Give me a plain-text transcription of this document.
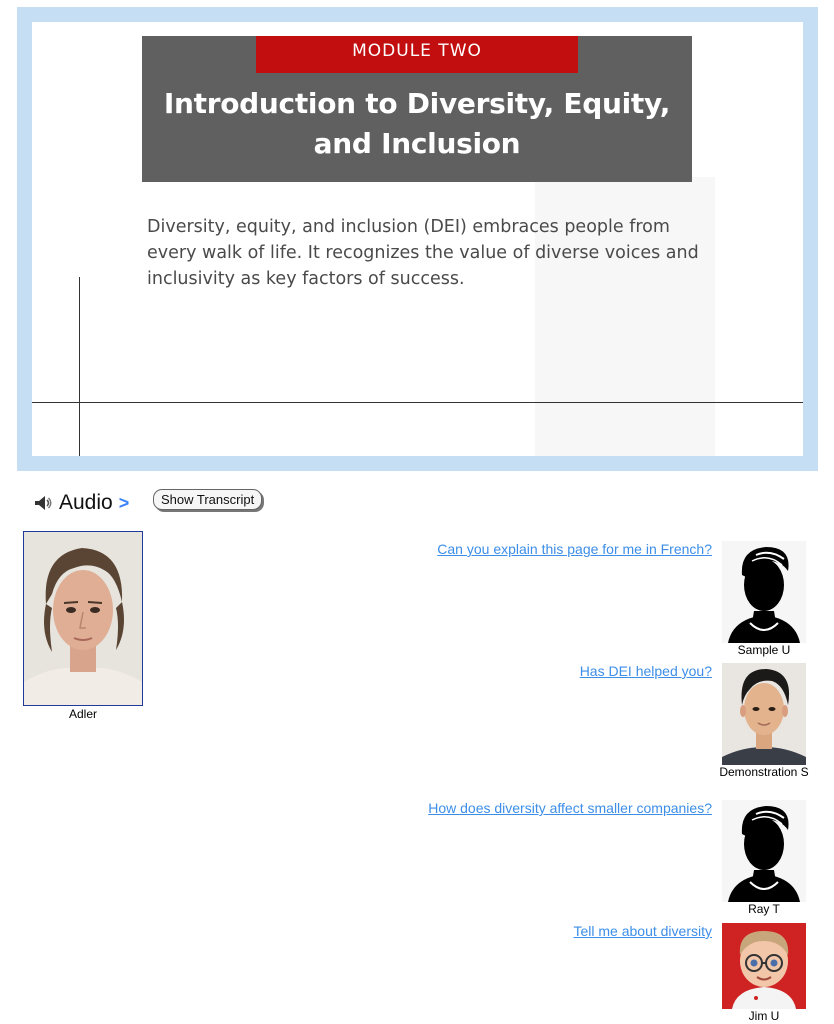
MODULE TWO
Introduction to Diversity, Equity,
and Inclusion
Diversity, equity, and inclusion (DEI) embraces people from
every walk of life. It recognizes the value of diverse voices and
inclusivity as key factors of success.
Audio >	Show Transcript
Adler
Can you explain this page for me in French?
Sample U
Has DEI helped you?
Demonstration S
How does diversity affect smaller companies?
Ray T
Tell me about diversity
Jim U
